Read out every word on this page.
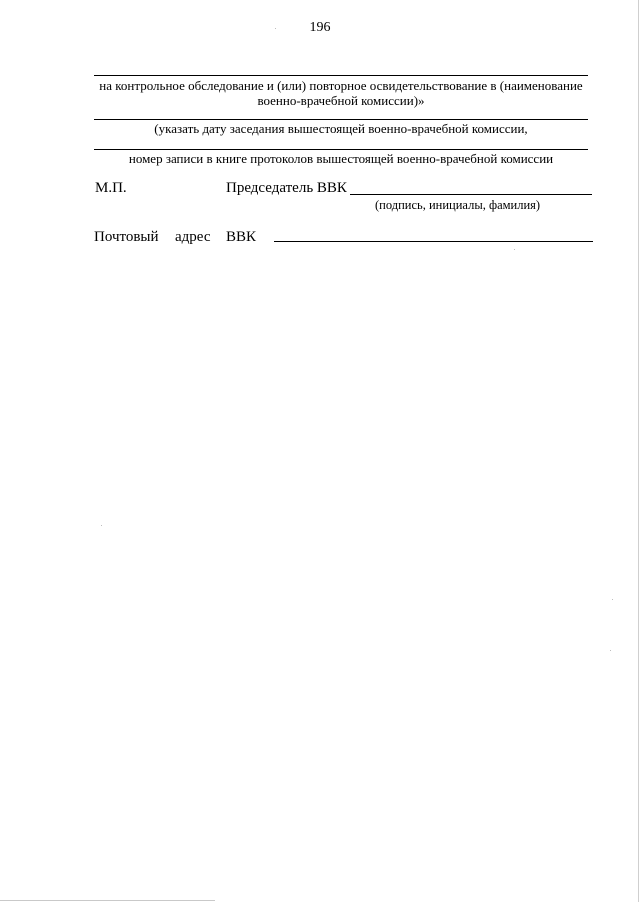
196
на контрольное обследование и (или) повторное освидетельствование в (наименование
военно-врачебной комиссии)»
(указать дату заседания вышестоящей военно-врачебной комиссии,
номер записи в книге протоколов вышестоящей военно-врачебной комиссии
М.П.	Председатель ВВК
(подпись, инициалы, фамилия)
Почтовый адрес ВВК
